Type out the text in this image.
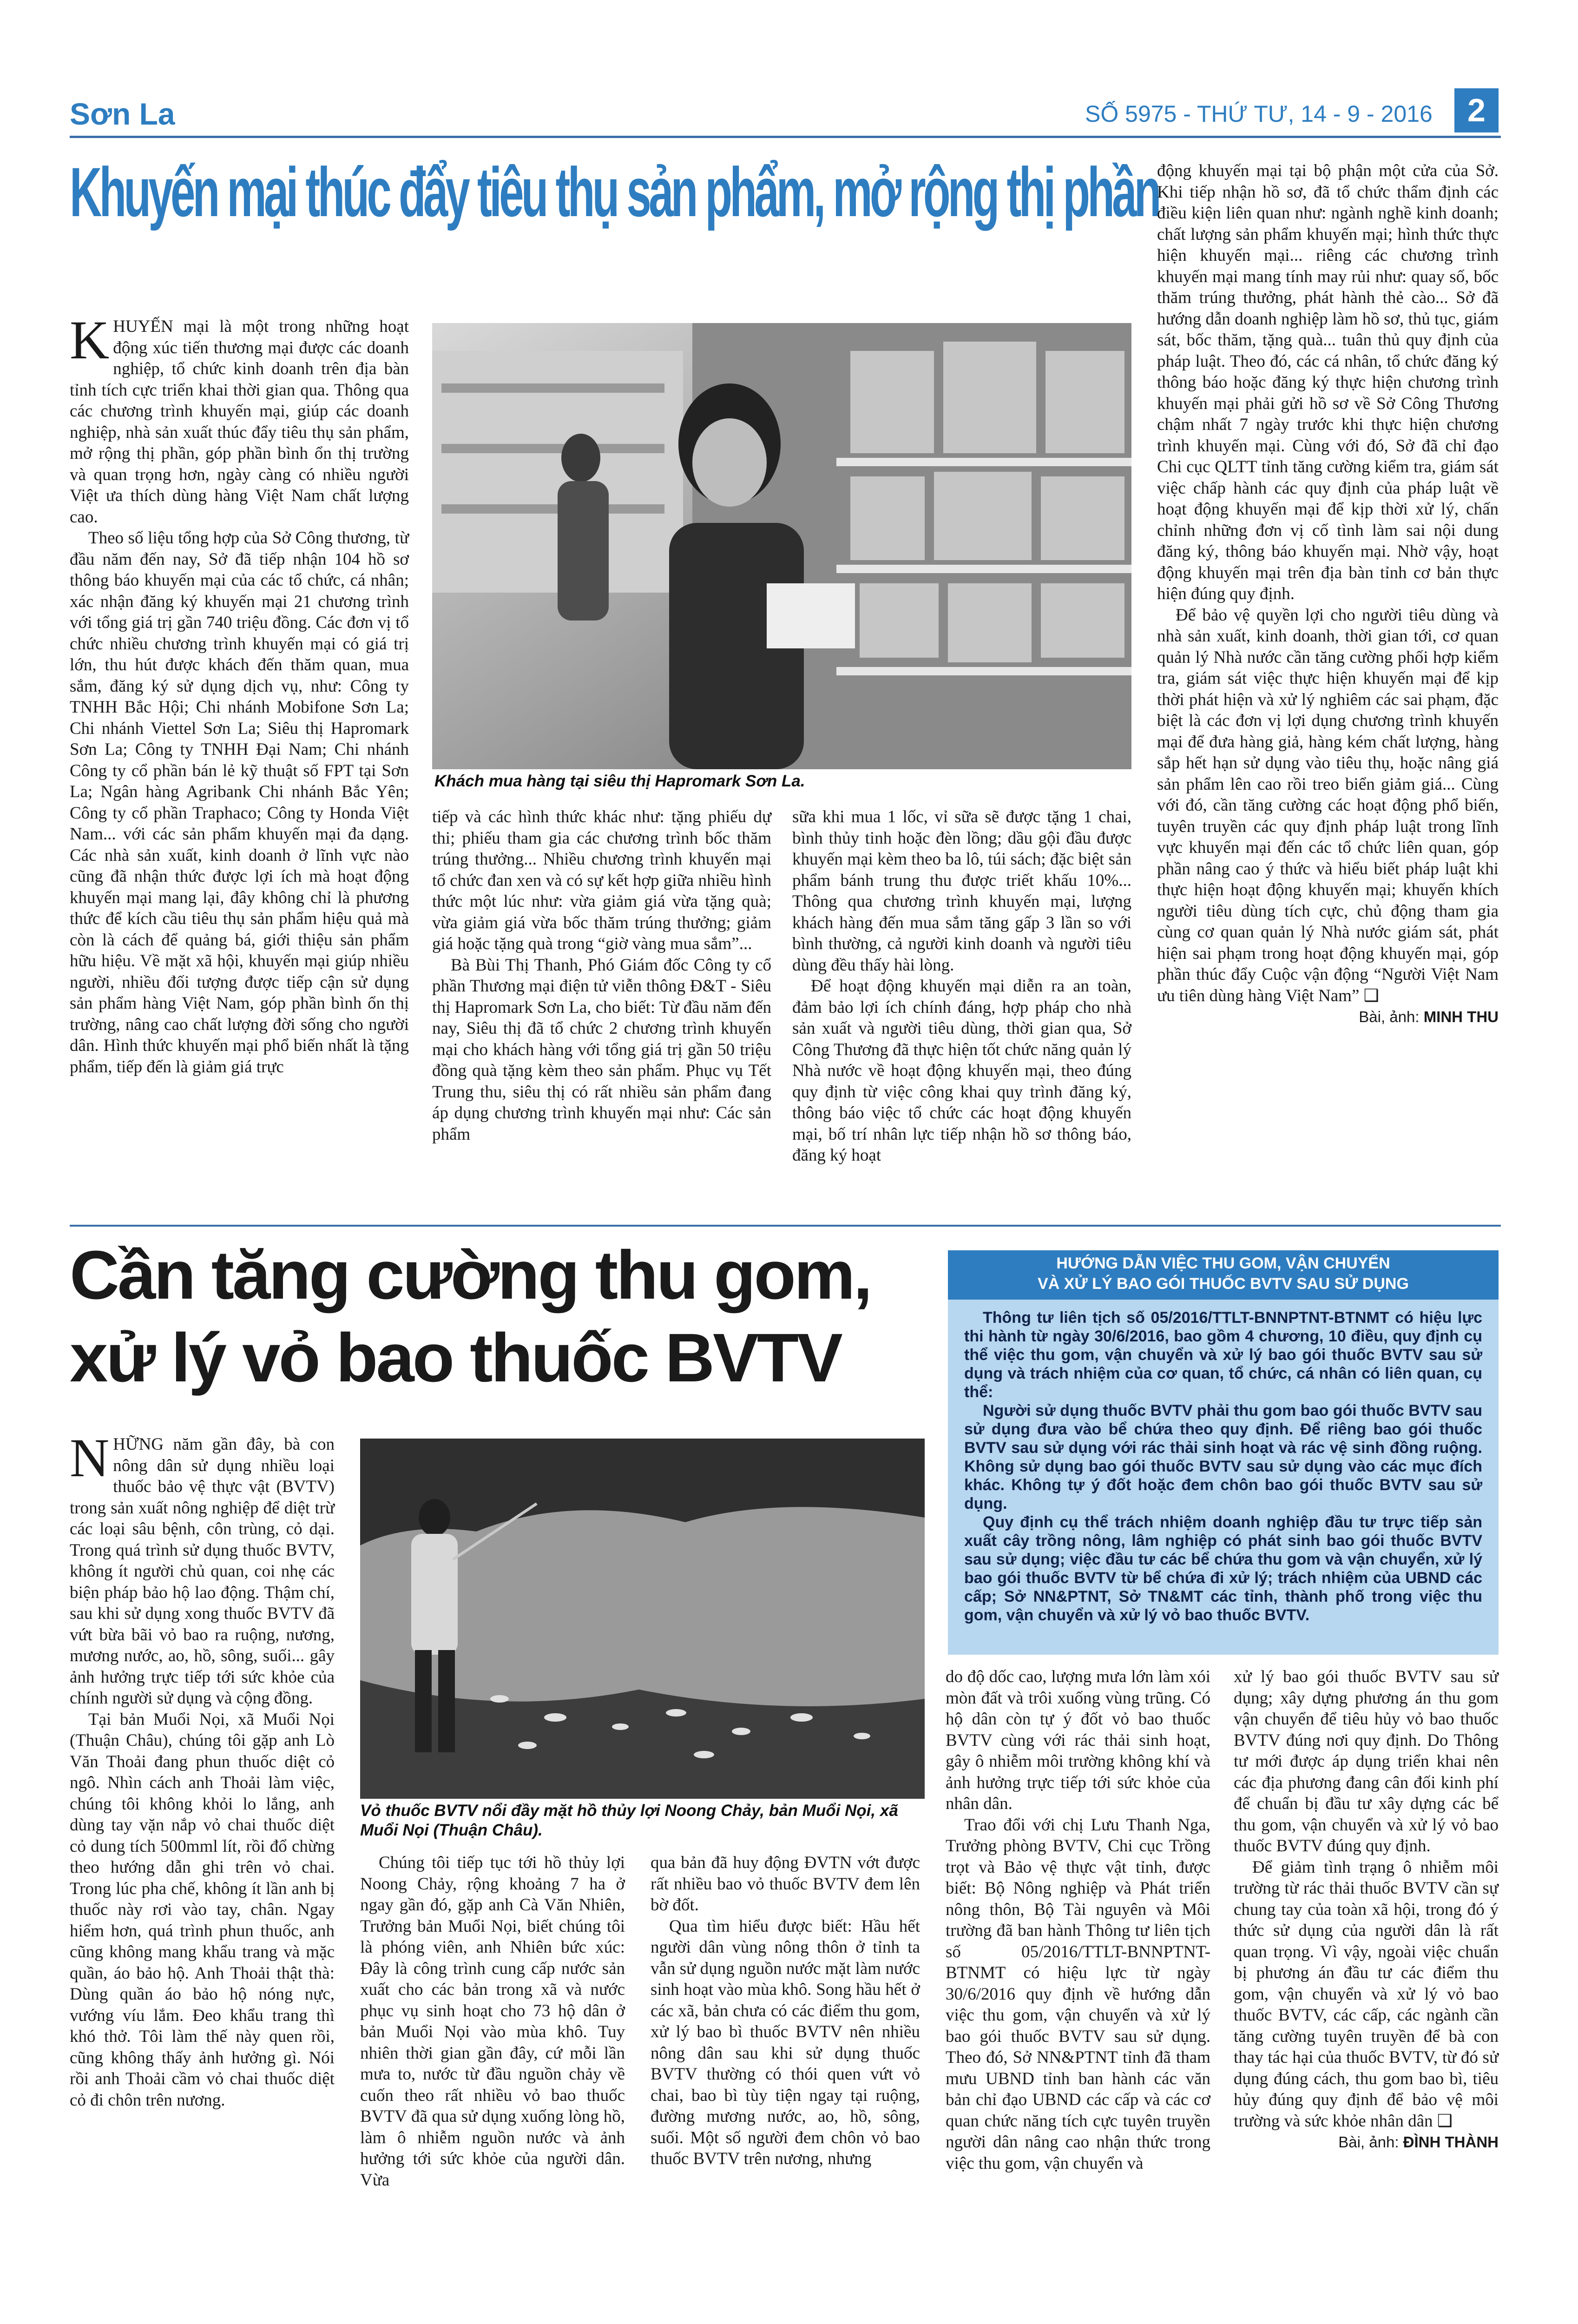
Sơn La	SỐ 5975 - THỨ TƯ, 14 - 9 - 2016	2
Khuyến mại thúc đẩy tiêu thụ sản phẩm, mở rộng thị phần

KHUYẾN mại là một trong những hoạt động xúc tiến thương mại được các doanh nghiệp, tổ chức kinh doanh trên địa bàn tỉnh tích cực triển khai thời gian qua. Thông qua các chương trình khuyến mại, giúp các doanh nghiệp, nhà sản xuất thúc đẩy tiêu thụ sản phẩm, mở rộng thị phần, góp phần bình ổn thị trường và quan trọng hơn, ngày càng có nhiều người Việt ưa thích dùng hàng Việt Nam chất lượng cao.

Theo số liệu tổng hợp của Sở Công thương, từ đầu năm đến nay, Sở đã tiếp nhận 104 hồ sơ thông báo khuyến mại của các tổ chức, cá nhân; xác nhận đăng ký khuyến mại 21 chương trình với tổng giá trị gần 740 triệu đồng. Các đơn vị tổ chức nhiều chương trình khuyến mại có giá trị lớn, thu hút được khách đến thăm quan, mua sắm, đăng ký sử dụng dịch vụ, như: Công ty TNHH Bắc Hội; Chi nhánh Mobifone Sơn La; Chi nhánh Viettel Sơn La; Siêu thị Hapromark Sơn La; Công ty TNHH Đại Nam; Chi nhánh Công ty cổ phần bán lẻ kỹ thuật số FPT tại Sơn La; Ngân hàng Agribank Chi nhánh Bắc Yên; Công ty cổ phần Traphaco; Công ty Honda Việt Nam... với các sản phẩm khuyến mại đa dạng. Các nhà sản xuất, kinh doanh ở lĩnh vực nào cũng đã nhận thức được lợi ích mà hoạt động khuyến mại mang lại, đây không chỉ là phương thức để kích cầu tiêu thụ sản phẩm hiệu quả mà còn là cách để quảng bá, giới thiệu sản phẩm hữu hiệu. Về mặt xã hội, khuyến mại giúp nhiều người, nhiều đối tượng được tiếp cận sử dụng sản phẩm hàng Việt Nam, góp phần bình ổn thị trường, nâng cao chất lượng đời sống cho người dân. Hình thức khuyến mại phổ biến nhất là tặng phẩm, tiếp đến là giảm giá trực

Khách mua hàng tại siêu thị Hapromark Sơn La.

tiếp và các hình thức khác như: tặng phiếu dự thi; phiếu tham gia các chương trình bốc thăm trúng thưởng... Nhiều chương trình khuyến mại tổ chức đan xen và có sự kết hợp giữa nhiều hình thức một lúc như: vừa giảm giá vừa tặng quà; vừa giảm giá vừa bốc thăm trúng thưởng; giảm giá hoặc tặng quà trong “giờ vàng mua sắm”...

Bà Bùi Thị Thanh, Phó Giám đốc Công ty cổ phần Thương mại điện tử viễn thông Đ&T - Siêu thị Hapromark Sơn La, cho biết: Từ đầu năm đến nay, Siêu thị đã tổ chức 2 chương trình khuyến mại cho khách hàng với tổng giá trị gần 50 triệu đồng quà tặng kèm theo sản phẩm. Phục vụ Tết Trung thu, siêu thị có rất nhiều sản phẩm đang áp dụng chương trình khuyến mại như: Các sản phẩm

sữa khi mua 1 lốc, vỉ sữa sẽ được tặng 1 chai, bình thủy tinh hoặc đèn lồng; dầu gội đầu được khuyến mại kèm theo ba lô, túi sách; đặc biệt sản phẩm bánh trung thu được triết khấu 10%... Thông qua chương trình khuyến mại, lượng khách hàng đến mua sắm tăng gấp 3 lần so với bình thường, cả người kinh doanh và người tiêu dùng đều thấy hài lòng.

Để hoạt động khuyến mại diễn ra an toàn, đảm bảo lợi ích chính đáng, hợp pháp cho nhà sản xuất và người tiêu dùng, thời gian qua, Sở Công Thương đã thực hiện tốt chức năng quản lý Nhà nước về hoạt động khuyến mại, theo đúng quy định từ việc công khai quy trình đăng ký, thông báo việc tổ chức các hoạt động khuyến mại, bố trí nhân lực tiếp nhận hồ sơ thông báo, đăng ký hoạt

động khuyến mại tại bộ phận một cửa của Sở. Khi tiếp nhận hồ sơ, đã tổ chức thẩm định các điều kiện liên quan như: ngành nghề kinh doanh; chất lượng sản phẩm khuyến mại; hình thức thực hiện khuyến mại... riêng các chương trình khuyến mại mang tính may rủi như: quay số, bốc thăm trúng thưởng, phát hành thẻ cào... Sở đã hướng dẫn doanh nghiệp làm hồ sơ, thủ tục, giám sát, bốc thăm, tặng quà... tuân thủ quy định của pháp luật. Theo đó, các cá nhân, tổ chức đăng ký thông báo hoặc đăng ký thực hiện chương trình khuyến mại phải gửi hồ sơ về Sở Công Thương chậm nhất 7 ngày trước khi thực hiện chương trình khuyến mại. Cùng với đó, Sở đã chỉ đạo Chi cục QLTT tỉnh tăng cường kiểm tra, giám sát việc chấp hành các quy định của pháp luật về hoạt động khuyến mại để kịp thời xử lý, chấn chỉnh những đơn vị cố tình làm sai nội dung đăng ký, thông báo khuyến mại. Nhờ vậy, hoạt động khuyến mại trên địa bàn tỉnh cơ bản thực hiện đúng quy định.

Để bảo vệ quyền lợi cho người tiêu dùng và nhà sản xuất, kinh doanh, thời gian tới, cơ quan quản lý Nhà nước cần tăng cường phối hợp kiểm tra, giám sát việc thực hiện khuyến mại để kịp thời phát hiện và xử lý nghiêm các sai phạm, đặc biệt là các đơn vị lợi dụng chương trình khuyến mại để đưa hàng giả, hàng kém chất lượng, hàng sắp hết hạn sử dụng vào tiêu thụ, hoặc nâng giá sản phẩm lên cao rồi treo biển giảm giá... Cùng với đó, cần tăng cường các hoạt động phổ biến, tuyên truyền các quy định pháp luật trong lĩnh vực khuyến mại đến các tổ chức liên quan, góp phần nâng cao ý thức và hiểu biết pháp luật khi thực hiện hoạt động khuyến mại; khuyến khích người tiêu dùng tích cực, chủ động tham gia cùng cơ quan quản lý Nhà nước giám sát, phát hiện sai phạm trong hoạt động khuyến mại, góp phần thúc đẩy Cuộc vận động “Người Việt Nam ưu tiên dùng hàng Việt Nam” ❑

Bài, ảnh: MINH THU
Cần tăng cường thu gom, xử lý vỏ bao thuốc BVTV
HƯỚNG DẪN VIỆC THU GOM, VẬN CHUYỂN
VÀ XỬ LÝ BAO GÓI THUỐC BVTV SAU SỬ DỤNG

Thông tư liên tịch số 05/2016/TTLT-BNNPTNT-BTNMT có hiệu lực thi hành từ ngày 30/6/2016, bao gồm 4 chương, 10 điều, quy định cụ thể việc thu gom, vận chuyển và xử lý bao gói thuốc BVTV sau sử dụng và trách nhiệm của cơ quan, tổ chức, cá nhân có liên quan, cụ thể:

Người sử dụng thuốc BVTV phải thu gom bao gói thuốc BVTV sau sử dụng đưa vào bể chứa theo quy định. Để riêng bao gói thuốc BVTV sau sử dụng với rác thải sinh hoạt và rác vệ sinh đồng ruộng. Không sử dụng bao gói thuốc BVTV sau sử dụng vào các mục đích khác. Không tự ý đốt hoặc đem chôn bao gói thuốc BVTV sau sử dụng.

Quy định cụ thể trách nhiệm doanh nghiệp đầu tư trực tiếp sản xuất cây trồng nông, lâm nghiệp có phát sinh bao gói thuốc BVTV sau sử dụng; việc đầu tư các bể chứa thu gom và vận chuyển, xử lý bao gói thuốc BVTV từ bể chứa đi xử lý; trách nhiệm của UBND các cấp; Sở NN&PTNT, Sở TN&MT các tỉnh, thành phố trong việc thu gom, vận chuyển và xử lý vỏ bao thuốc BVTV.

NHỮNG năm gần đây, bà con nông dân sử dụng nhiều loại thuốc bảo vệ thực vật (BVTV) trong sản xuất nông nghiệp để diệt trừ các loại sâu bệnh, côn trùng, cỏ dại. Trong quá trình sử dụng thuốc BVTV, không ít người chủ quan, coi nhẹ các biện pháp bảo hộ lao động. Thậm chí, sau khi sử dụng xong thuốc BVTV đã vứt bừa bãi vỏ bao ra ruộng, nương, mương nước, ao, hồ, sông, suối... gây ảnh hưởng trực tiếp tới sức khỏe của chính người sử dụng và cộng đồng.

Tại bản Muổi Nọi, xã Muổi Nọi (Thuận Châu), chúng tôi gặp anh Lò Văn Thoải đang phun thuốc diệt cỏ ngô. Nhìn cách anh Thoải làm việc, chúng tôi không khỏi lo lắng, anh dùng tay vặn nắp vỏ chai thuốc diệt cỏ dung tích 500mml lít, rồi đổ chừng theo hướng dẫn ghi trên vỏ chai. Trong lúc pha chế, không ít lần anh bị thuốc này rơi vào tay, chân. Ngay hiểm hơn, quá trình phun thuốc, anh cũng không mang khẩu trang và mặc quần, áo bảo hộ. Anh Thoải thật thà: Dùng quần áo bảo hộ nóng nực, vướng víu lắm. Đeo khẩu trang thì khó thở. Tôi làm thế này quen rồi, cũng không thấy ảnh hưởng gì. Nói rồi anh Thoải cầm vỏ chai thuốc diệt cỏ đi chôn trên nương.

Vỏ thuốc BVTV nổi đầy mặt hồ thủy lợi Noong Chảy, bản Muổi Nọi, xã Muổi Nọi (Thuận Châu).

Chúng tôi tiếp tục tới hồ thủy lợi Noong Chảy, rộng khoảng 7 ha ở ngay gần đó, gặp anh Cà Văn Nhiên, Trưởng bản Muổi Nọi, biết chúng tôi là phóng viên, anh Nhiên bức xúc: Đây là công trình cung cấp nước sản xuất cho các bản trong xã và nước phục vụ sinh hoạt cho 73 hộ dân ở bản Muổi Nọi vào mùa khô. Tuy nhiên thời gian gần đây, cứ mỗi lần mưa to, nước từ đầu nguồn chảy về cuốn theo rất nhiều vỏ bao thuốc BVTV đã qua sử dụng xuống lòng hồ, làm ô nhiễm nguồn nước và ảnh hưởng tới sức khỏe của người dân. Vừa

qua bản đã huy động ĐVTN vớt được rất nhiều bao vỏ thuốc BVTV đem lên bờ đốt.

Qua tìm hiểu được biết: Hầu hết người dân vùng nông thôn ở tỉnh ta vẫn sử dụng nguồn nước mặt làm nước sinh hoạt vào mùa khô. Song hầu hết ở các xã, bản chưa có các điểm thu gom, xử lý bao bì thuốc BVTV nên nhiều nông dân sau khi sử dụng thuốc BVTV thường có thói quen vứt vỏ chai, bao bì tùy tiện ngay tại ruộng, đường mương nước, ao, hồ, sông, suối. Một số người đem chôn vỏ bao thuốc BVTV trên nương, nhưng

do độ dốc cao, lượng mưa lớn làm xói mòn đất và trôi xuống vùng trũng. Có hộ dân còn tự ý đốt vỏ bao thuốc BVTV cùng với rác thải sinh hoạt, gây ô nhiễm môi trường không khí và ảnh hưởng trực tiếp tới sức khỏe của nhân dân.

Trao đổi với chị Lưu Thanh Nga, Trưởng phòng BVTV, Chi cục Trồng trọt và Bảo vệ thực vật tỉnh, được biết: Bộ Nông nghiệp và Phát triển nông thôn, Bộ Tài nguyên và Môi trường đã ban hành Thông tư liên tịch số 05/2016/TTLT-BNNPTNT-BTNMT có hiệu lực từ ngày 30/6/2016 quy định về hướng dẫn việc thu gom, vận chuyển và xử lý bao gói thuốc BVTV sau sử dụng. Theo đó, Sở NN&PTNT tỉnh đã tham mưu UBND tỉnh ban hành các văn bản chỉ đạo UBND các cấp và các cơ quan chức năng tích cực tuyên truyền người dân nâng cao nhận thức trong việc thu gom, vận chuyển và

xử lý bao gói thuốc BVTV sau sử dụng; xây dựng phương án thu gom vận chuyển để tiêu hủy vỏ bao thuốc BVTV đúng nơi quy định. Do Thông tư mới được áp dụng triển khai nên các địa phương đang cân đối kinh phí để chuẩn bị đầu tư xây dựng các bể thu gom, vận chuyển và xử lý vỏ bao thuốc BVTV đúng quy định.

Để giảm tình trạng ô nhiễm môi trường từ rác thải thuốc BVTV cần sự chung tay của toàn xã hội, trong đó ý thức sử dụng của người dân là rất quan trọng. Vì vậy, ngoài việc chuẩn bị phương án đầu tư các điểm thu gom, vận chuyển và xử lý vỏ bao thuốc BVTV, các cấp, các ngành cần tăng cường tuyên truyền để bà con thay tác hại của thuốc BVTV, từ đó sử dụng đúng cách, thu gom bao bì, tiêu hủy đúng quy định để bảo vệ môi trường và sức khỏe nhân dân ❑

Bài, ảnh: ĐÌNH THÀNH
